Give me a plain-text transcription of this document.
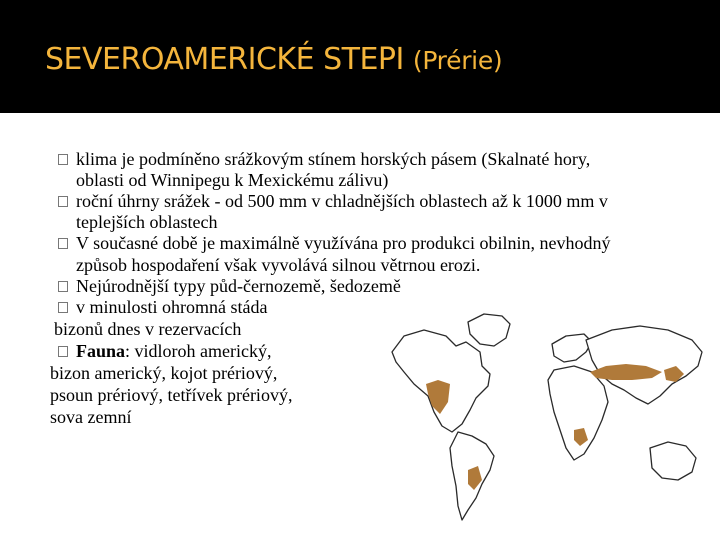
SEVEROAMERICKÉ STEPI (Prérie)
klima je podmíněno srážkovým stínem horských pásem (Skalnaté hory,
oblasti od Winnipegu k Mexickému zálivu)
roční úhrny srážek - od 500 mm v chladnějších oblastech až k 1000 mm v
teplejších oblastech
V současné době je maximálně využívána pro produkci obilnin, nevhodný
způsob hospodaření však vyvolává silnou větrnou erozi.
Nejúrodnější typy půd-černozemě, šedozemě
v minulosti ohromná stáda
bizonů dnes v rezervacích
Fauna: vidloroh americký,
bizon americký, kojot prériový,
psoun prériový, tetřívek prériový,
sova zemní
